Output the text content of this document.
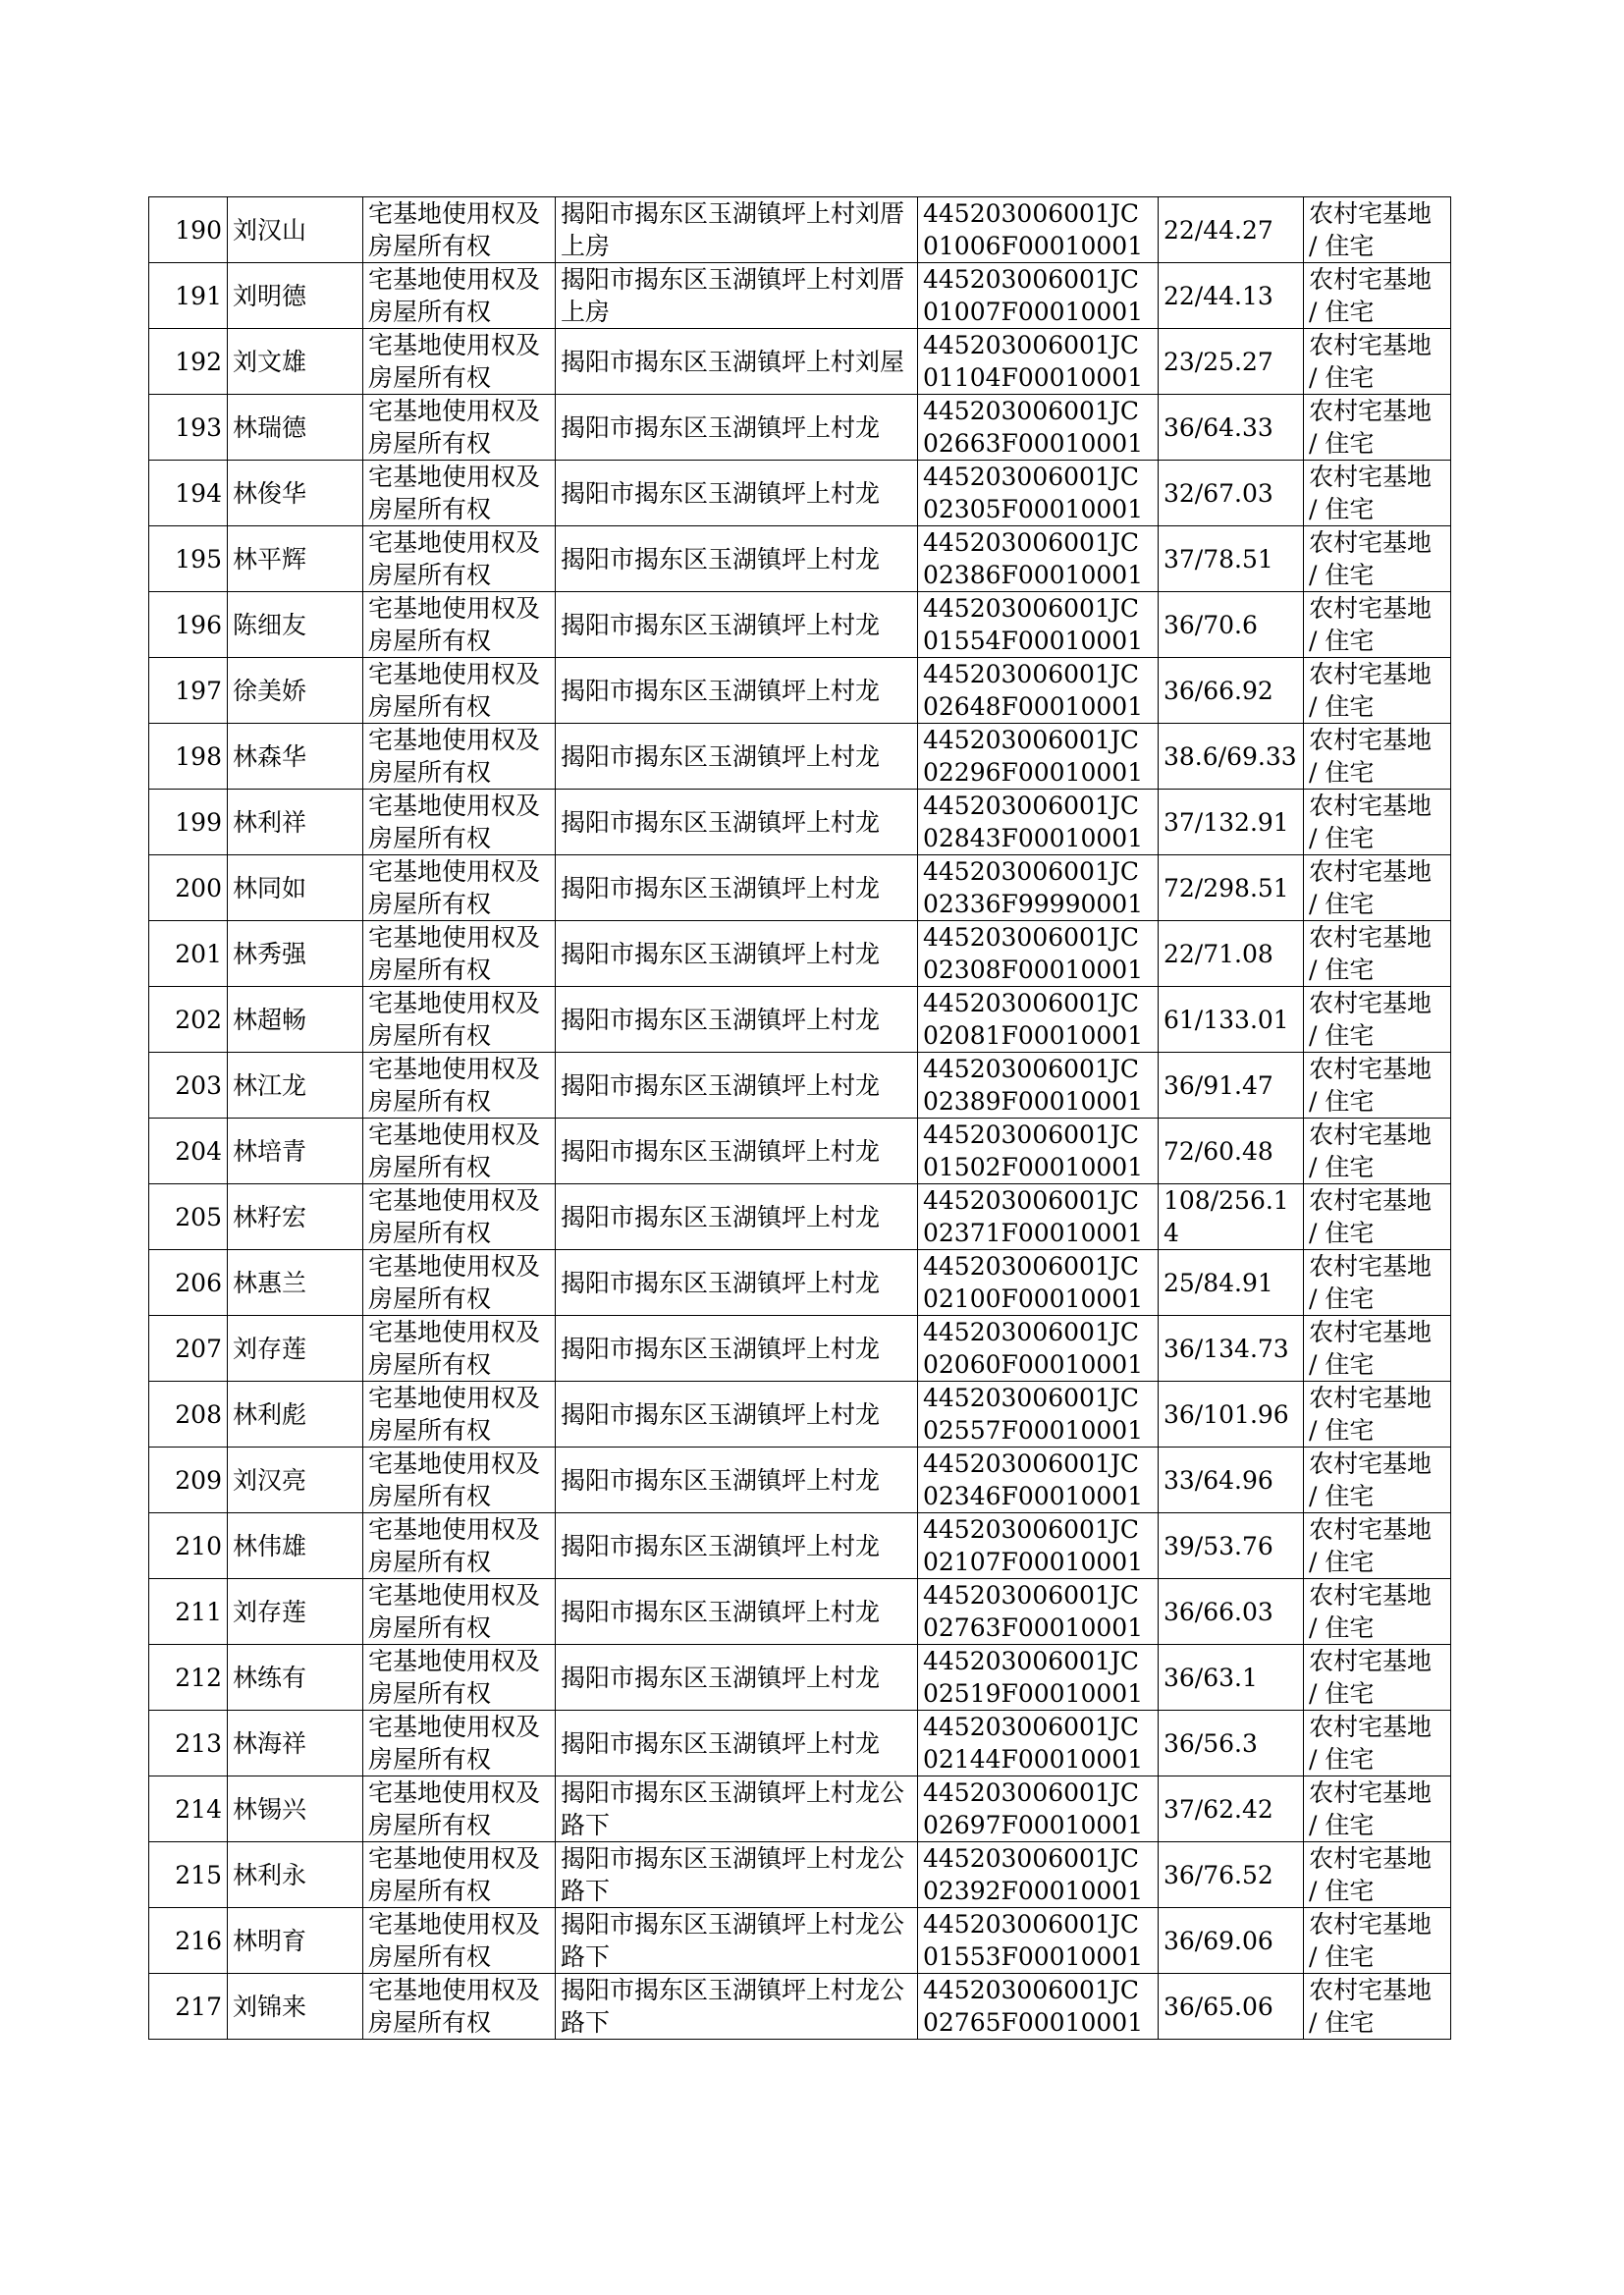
190	刘汉山	宅基地使用权及房屋所有权	揭阳市揭东区玉湖镇坪上村刘厝上房	445203006001JC01006F00010001	22/44.27	农村宅基地 / 住宅
191	刘明德	宅基地使用权及房屋所有权	揭阳市揭东区玉湖镇坪上村刘厝上房	445203006001JC01007F00010001	22/44.13	农村宅基地 / 住宅
192	刘文雄	宅基地使用权及房屋所有权	揭阳市揭东区玉湖镇坪上村刘屋	445203006001JC01104F00010001	23/25.27	农村宅基地 / 住宅
193	林瑞德	宅基地使用权及房屋所有权	揭阳市揭东区玉湖镇坪上村龙	445203006001JC02663F00010001	36/64.33	农村宅基地 / 住宅
194	林俊华	宅基地使用权及房屋所有权	揭阳市揭东区玉湖镇坪上村龙	445203006001JC02305F00010001	32/67.03	农村宅基地 / 住宅
195	林平辉	宅基地使用权及房屋所有权	揭阳市揭东区玉湖镇坪上村龙	445203006001JC02386F00010001	37/78.51	农村宅基地 / 住宅
196	陈细友	宅基地使用权及房屋所有权	揭阳市揭东区玉湖镇坪上村龙	445203006001JC01554F00010001	36/70.6	农村宅基地 / 住宅
197	徐美娇	宅基地使用权及房屋所有权	揭阳市揭东区玉湖镇坪上村龙	445203006001JC02648F00010001	36/66.92	农村宅基地 / 住宅
198	林森华	宅基地使用权及房屋所有权	揭阳市揭东区玉湖镇坪上村龙	445203006001JC02296F00010001	38.6/69.33	农村宅基地 / 住宅
199	林利祥	宅基地使用权及房屋所有权	揭阳市揭东区玉湖镇坪上村龙	445203006001JC02843F00010001	37/132.91	农村宅基地 / 住宅
200	林同如	宅基地使用权及房屋所有权	揭阳市揭东区玉湖镇坪上村龙	445203006001JC02336F99990001	72/298.51	农村宅基地 / 住宅
201	林秀强	宅基地使用权及房屋所有权	揭阳市揭东区玉湖镇坪上村龙	445203006001JC02308F00010001	22/71.08	农村宅基地 / 住宅
202	林超畅	宅基地使用权及房屋所有权	揭阳市揭东区玉湖镇坪上村龙	445203006001JC02081F00010001	61/133.01	农村宅基地 / 住宅
203	林江龙	宅基地使用权及房屋所有权	揭阳市揭东区玉湖镇坪上村龙	445203006001JC02389F00010001	36/91.47	农村宅基地 / 住宅
204	林培青	宅基地使用权及房屋所有权	揭阳市揭东区玉湖镇坪上村龙	445203006001JC01502F00010001	72/60.48	农村宅基地 / 住宅
205	林籽宏	宅基地使用权及房屋所有权	揭阳市揭东区玉湖镇坪上村龙	445203006001JC02371F00010001	108/256.14	农村宅基地 / 住宅
206	林惠兰	宅基地使用权及房屋所有权	揭阳市揭东区玉湖镇坪上村龙	445203006001JC02100F00010001	25/84.91	农村宅基地 / 住宅
207	刘存莲	宅基地使用权及房屋所有权	揭阳市揭东区玉湖镇坪上村龙	445203006001JC02060F00010001	36/134.73	农村宅基地 / 住宅
208	林利彪	宅基地使用权及房屋所有权	揭阳市揭东区玉湖镇坪上村龙	445203006001JC02557F00010001	36/101.96	农村宅基地 / 住宅
209	刘汉亮	宅基地使用权及房屋所有权	揭阳市揭东区玉湖镇坪上村龙	445203006001JC02346F00010001	33/64.96	农村宅基地 / 住宅
210	林伟雄	宅基地使用权及房屋所有权	揭阳市揭东区玉湖镇坪上村龙	445203006001JC02107F00010001	39/53.76	农村宅基地 / 住宅
211	刘存莲	宅基地使用权及房屋所有权	揭阳市揭东区玉湖镇坪上村龙	445203006001JC02763F00010001	36/66.03	农村宅基地 / 住宅
212	林练有	宅基地使用权及房屋所有权	揭阳市揭东区玉湖镇坪上村龙	445203006001JC02519F00010001	36/63.1	农村宅基地 / 住宅
213	林海祥	宅基地使用权及房屋所有权	揭阳市揭东区玉湖镇坪上村龙	445203006001JC02144F00010001	36/56.3	农村宅基地 / 住宅
214	林锡兴	宅基地使用权及房屋所有权	揭阳市揭东区玉湖镇坪上村龙公路下	445203006001JC02697F00010001	37/62.42	农村宅基地 / 住宅
215	林利永	宅基地使用权及房屋所有权	揭阳市揭东区玉湖镇坪上村龙公路下	445203006001JC02392F00010001	36/76.52	农村宅基地 / 住宅
216	林明育	宅基地使用权及房屋所有权	揭阳市揭东区玉湖镇坪上村龙公路下	445203006001JC01553F00010001	36/69.06	农村宅基地 / 住宅
217	刘锦来	宅基地使用权及房屋所有权	揭阳市揭东区玉湖镇坪上村龙公路下	445203006001JC02765F00010001	36/65.06	农村宅基地 / 住宅
